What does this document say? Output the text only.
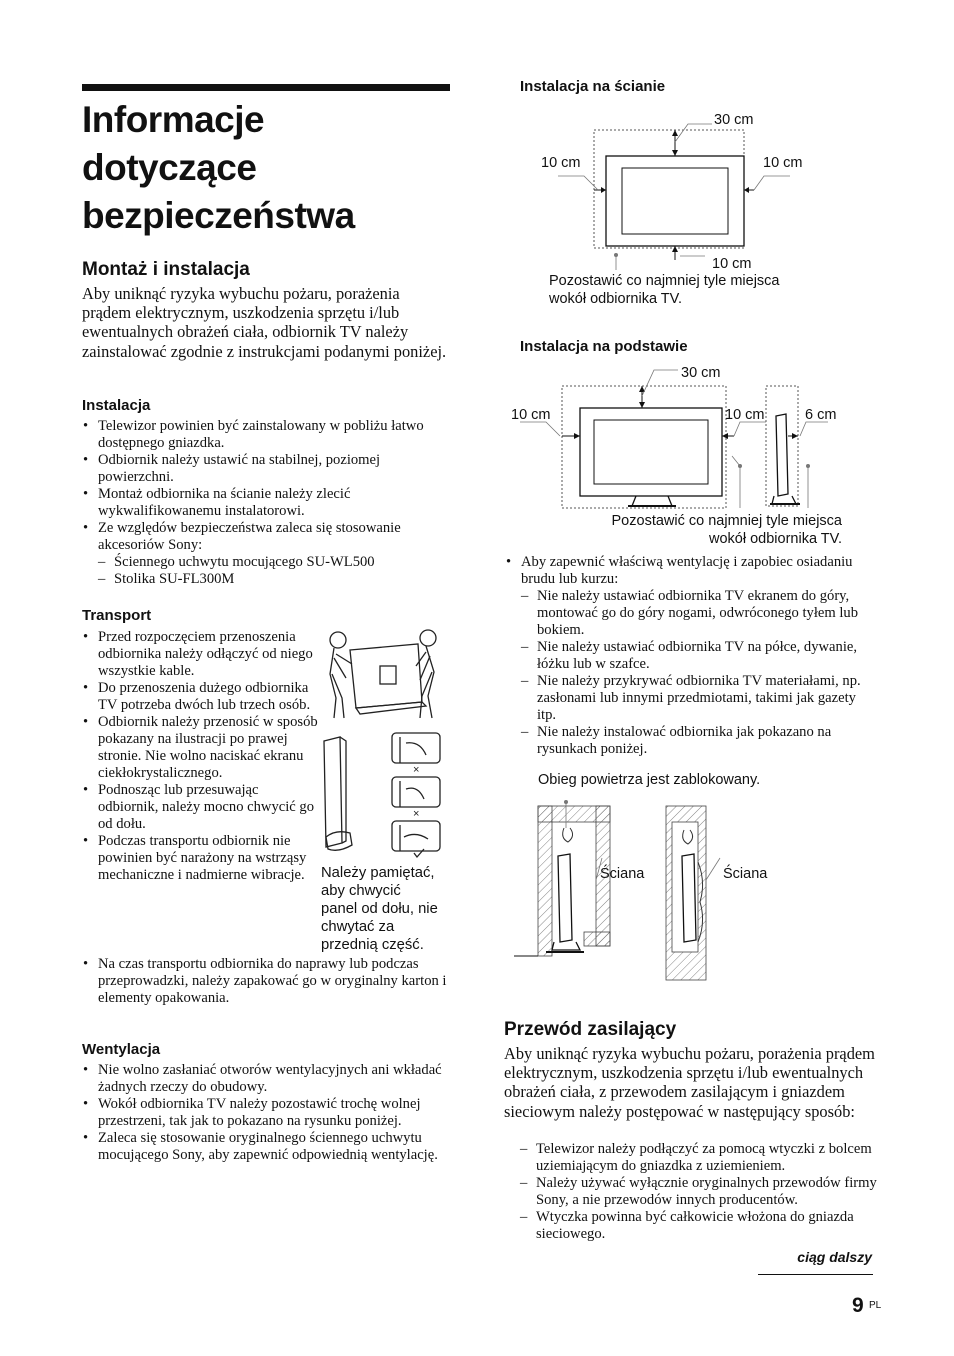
Informacje
dotyczące
bezpieczeństwa
Montaż i instalacja

Aby uniknąć ryzyka wybuchu pożaru, porażenia prądem elektrycznym, uszkodzenia sprzętu i/lub ewentualnych obrażeń ciała, odbiornik TV należy zainstalować zgodnie z instrukcjami podanymi poniżej.

Instalacja
• Telewizor powinien być zainstalowany w pobliżu łatwo dostępnego gniazdka.
• Odbiornik należy ustawić na stabilnej, poziomej powierzchni.
• Montaż odbiornika na ścianie należy zlecić wykwalifikowanemu instalatorowi.
• Ze względów bezpieczeństwa zaleca się stosowanie akcesoriów Sony:
– Ściennego uchwytu mocującego SU-WL500
– Stolika SU-FL300M
Transport
• Przed rozpoczęciem przenoszenia odbiornika należy odłączyć od niego wszystkie kable.
• Do przenoszenia dużego odbiornika TV potrzeba dwóch lub trzech osób.
• Odbiornik należy przenosić w sposób pokazany na ilustracji po prawej stronie. Nie wolno naciskać ekranu ciekłokrystalicznego.
• Podnosząc lub przesuwając odbiornik, należy mocno chwycić go od dołu.
• Podczas transportu odbiornik nie powinien być narażony na wstrząsy mechaniczne i nadmierne wibracje.
• Na czas transportu odbiornika do naprawy lub podczas przeprowadzki, należy zapakować go w oryginalny karton i elementy opakowania.
Należy pamiętać, aby chwycić panel od dołu, nie chwytać za przednią część.
×
×
Wentylacja
• Nie wolno zasłaniać otworów wentylacyjnych ani wkładać żadnych rzeczy do obudowy.
• Wokół odbiornika TV należy pozostawić trochę wolnej przestrzeni, tak jak to pokazano na rysunku poniżej.
• Zaleca się stosowanie oryginalnego ściennego uchwytu mocującego Sony, aby zapewnić odpowiednią wentylację.
Instalacja na ścianie
30 cm
10 cm	10 cm
10 cm
Pozostawić co najmniej tyle miejsca wokół odbiornika TV.
Instalacja na podstawie
30 cm
10 cm	10 cm	6 cm
Pozostawić co najmniej tyle miejsca
wokół odbiornika TV.
• Aby zapewnić właściwą wentylację i zapobiec osiadaniu brudu lub kurzu:
– Nie należy ustawiać odbiornika TV ekranem do góry, montować go do góry nogami, odwróconego tyłem lub bokiem.
– Nie należy ustawiać odbiornika TV na półce, dywanie, łóżku lub w szafce.
– Nie należy przykrywać odbiornika TV materiałami, np. zasłonami lub innymi przedmiotami, takimi jak gazety itp.
– Nie należy instalować odbiornika jak pokazano na rysunkach poniżej.
Obieg powietrza jest zablokowany.
Ściana	Ściana
Przewód zasilający

Aby uniknąć ryzyka wybuchu pożaru, porażenia prądem elektrycznym, uszkodzenia sprzętu i/lub ewentualnych obrażeń ciała, z przewodem zasilającym i gniazdem sieciowym należy postępować w następujący sposób:

– Telewizor należy podłączyć za pomocą wtyczki z bolcem uziemiającym do gniazdka z uziemieniem.
– Należy używać wyłącznie oryginalnych przewodów firmy Sony, a nie przewodów innych producentów.
– Wtyczka powinna być całkowicie włożona do gniazda sieciowego.
ciąg dalszy
9 PL
